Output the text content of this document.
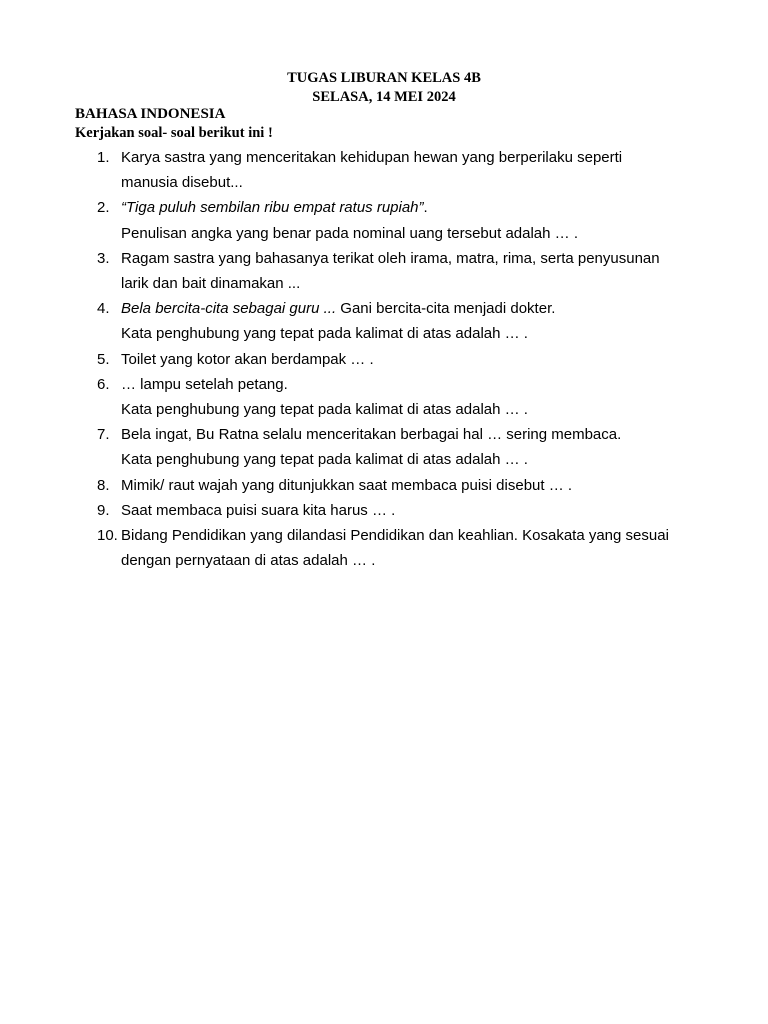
TUGAS LIBURAN KELAS 4B
SELASA, 14 MEI 2024
BAHASA INDONESIA
Kerjakan soal- soal berikut ini !
1. Karya sastra yang menceritakan kehidupan hewan yang berperilaku seperti
manusia disebut...
2. “Tiga puluh sembilan ribu empat ratus rupiah”.
Penulisan angka yang benar pada nominal uang tersebut adalah … .
3. Ragam sastra yang bahasanya terikat oleh irama, matra, rima, serta penyusunan
larik dan bait dinamakan ...
4. Bela bercita-cita sebagai guru ... Gani bercita-cita menjadi dokter.
Kata penghubung yang tepat pada kalimat di atas adalah … .
5. Toilet yang kotor akan berdampak … .
6. … lampu setelah petang.
Kata penghubung yang tepat pada kalimat di atas adalah … .
7. Bela ingat, Bu Ratna selalu menceritakan berbagai hal … sering membaca.
Kata penghubung yang tepat pada kalimat di atas adalah … .
8. Mimik/ raut wajah yang ditunjukkan saat membaca puisi disebut … .
9. Saat membaca puisi suara kita harus … .
10. Bidang Pendidikan yang dilandasi Pendidikan dan keahlian. Kosakata yang sesuai
dengan pernyataan di atas adalah … .
